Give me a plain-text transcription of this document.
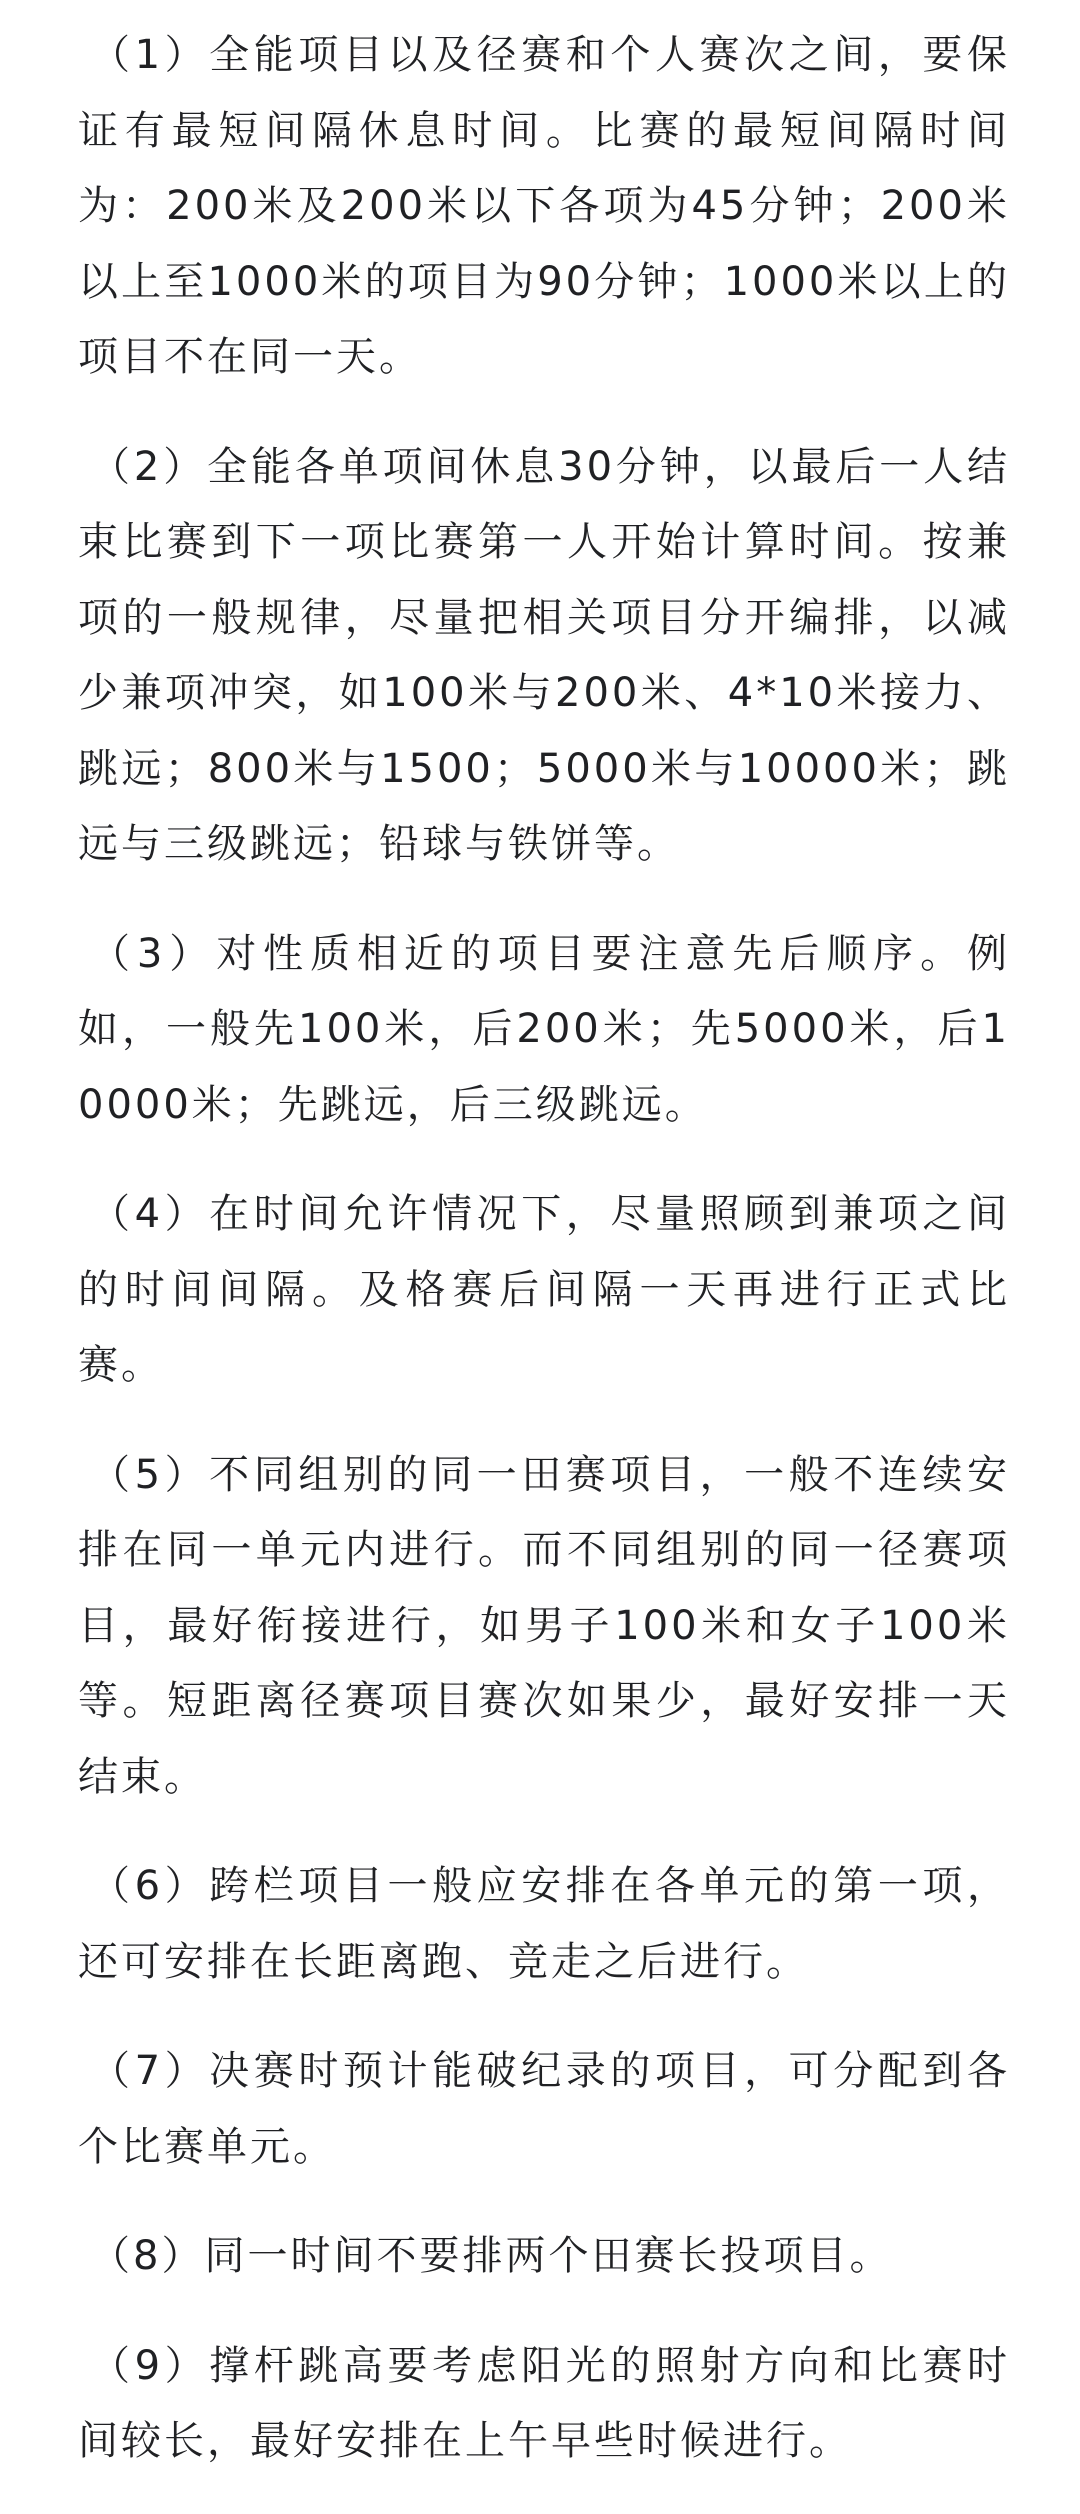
（1）全能项目以及径赛和个人赛次之间，要保证有最短间隔休息时间。比赛的最短间隔时间为：200米及200米以下各项为45分钟；200米以上至1000米的项目为90分钟；1000米以上的项目不在同一天。

（2）全能各单项间休息30分钟，以最后一人结束比赛到下一项比赛第一人开始计算时间。按兼项的一般规律，尽量把相关项目分开编排，以减少兼项冲突，如100米与200米、4*10米接力、跳远；800米与1500；5000米与10000米；跳远与三级跳远；铅球与铁饼等。

（3）对性质相近的项目要注意先后顺序。例如，一般先100米，后200米；先5000米，后10000米；先跳远，后三级跳远。

（4）在时间允许情况下，尽量照顾到兼项之间的时间间隔。及格赛后间隔一天再进行正式比赛。

（5）不同组别的同一田赛项目，一般不连续安排在同一单元内进行。而不同组别的同一径赛项目，最好衔接进行，如男子100米和女子100米等。短距离径赛项目赛次如果少，最好安排一天结束。

（6）跨栏项目一般应安排在各单元的第一项，还可安排在长距离跑、竞走之后进行。

（7）决赛时预计能破纪录的项目，可分配到各个比赛单元。

（8）同一时间不要排两个田赛长投项目。

（9）撑杆跳高要考虑阳光的照射方向和比赛时间较长，最好安排在上午早些时候进行。
